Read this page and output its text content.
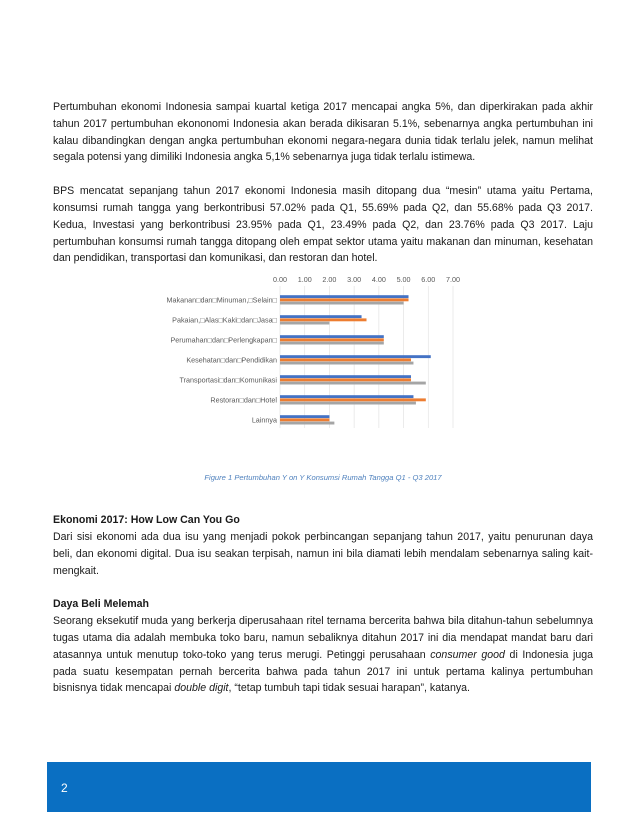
Pertumbuhan ekonomi Indonesia sampai kuartal ketiga 2017 mencapai angka 5%, dan diperkirakan pada akhir tahun 2017 pertumbuhan ekononomi Indonesia akan berada dikisaran 5.1%, sebenarnya angka pertumbuhan ini kalau dibandingkan dengan angka pertumbuhan ekonomi negara-negara dunia tidak terlalu jelek, namun melihat segala potensi yang dimiliki Indonesia angka 5,1% sebenarnya juga tidak terlalu istimewa.

BPS mencatat sepanjang tahun 2017 ekonomi Indonesia masih ditopang dua “mesin” utama yaitu Pertama, konsumsi rumah tangga yang berkontribusi 57.02% pada Q1, 55.69% pada Q2, dan 55.68% pada Q3 2017. Kedua, Investasi yang berkontribusi 23.95% pada Q1, 23.49% pada Q2, dan 23.76% pada Q3 2017. Laju pertumbuhan konsumsi rumah tangga ditopang oleh empat sektor utama yaitu makanan dan minuman, kesehatan dan pendidikan, transportasi dan komunikasi, dan restoran dan hotel.

0.00 1.00 2.00 3.00 4.00 5.00 6.00 7.00
Makanan□dan□Minuman,□Selain□
Pakaian,□Alas□Kaki□dan□Jasa□
Perumahan□dan□Perlengkapan□
Kesehatan□dan□Pendidikan
Transportasi□dan□Komunikasi
Restoran□dan□Hotel
Lainnya
Figure 1 Pertumbuhan Y on Y Konsumsi Rumah Tangga Q1 - Q3 2017
Ekonomi 2017: How Low Can You Go

Dari sisi ekonomi ada dua isu yang menjadi pokok perbincangan sepanjang tahun 2017, yaitu penurunan daya beli, dan ekonomi digital. Dua isu seakan terpisah, namun ini bila diamati lebih mendalam sebenarnya saling kait-mengkait.

Daya Beli Melemah

Seorang eksekutif muda yang berkerja diperusahaan ritel ternama bercerita bahwa bila ditahun-tahun sebelumnya tugas utama dia adalah membuka toko baru, namun sebaliknya ditahun 2017 ini dia mendapat mandat baru dari atasannya untuk menutup toko-toko yang terus merugi. Petinggi perusahaan consumer good di Indonesia juga pada suatu kesempatan pernah bercerita bahwa pada tahun 2017 ini untuk pertama kalinya pertumbuhan bisnisnya tidak mencapai double digit, “tetap tumbuh tapi tidak sesuai harapan”, katanya.

2
